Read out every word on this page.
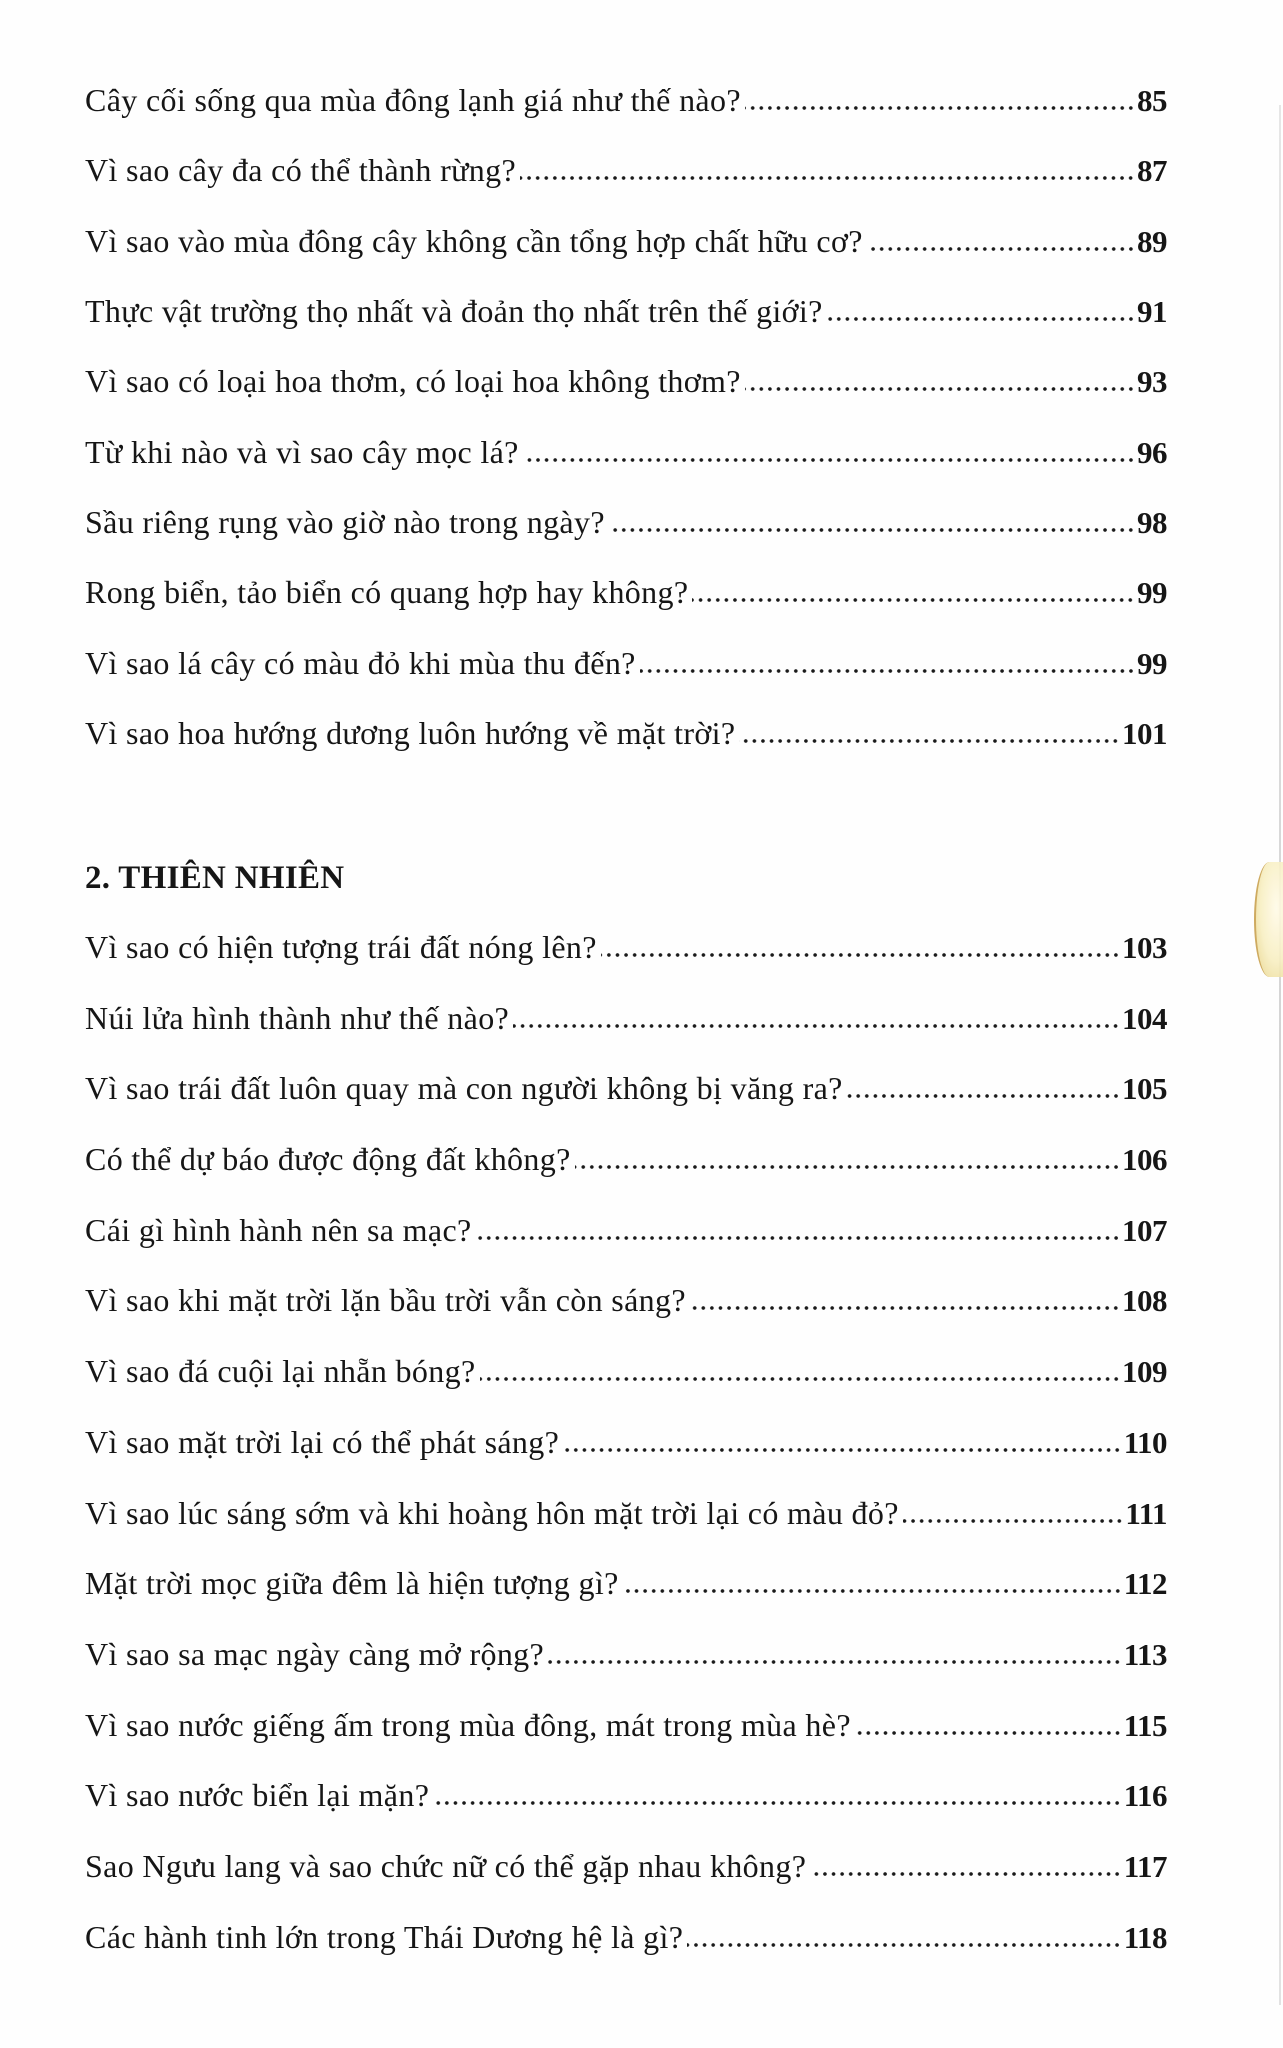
Cây cối sống qua mùa đông lạnh giá như thế nào?	85
Vì sao cây đa có thể thành rừng?	87
Vì sao vào mùa đông cây không cần tổng hợp chất hữu cơ?	89
Thực vật trường thọ nhất và đoản thọ nhất trên thế giới?	91
Vì sao có loại hoa thơm, có loại hoa không thơm?	93
Từ khi nào và vì sao cây mọc lá?	96
Sầu riêng rụng vào giờ nào trong ngày?	98
Rong biển, tảo biển có quang hợp hay không?	99
Vì sao lá cây có màu đỏ khi mùa thu đến?	99
Vì sao hoa hướng dương luôn hướng về mặt trời?	101
2. THIÊN NHIÊN
Vì sao có hiện tượng trái đất nóng lên?	103
Núi lửa hình thành như thế nào?	104
Vì sao trái đất luôn quay mà con người không bị văng ra?	105
Có thể dự báo được động đất không?	106
Cái gì hình hành nên sa mạc?	107
Vì sao khi mặt trời lặn bầu trời vẫn còn sáng?	108
Vì sao đá cuội lại nhẵn bóng?	109
Vì sao mặt trời lại có thể phát sáng?	110
Vì sao lúc sáng sớm và khi hoàng hôn mặt trời lại có màu đỏ?	111
Mặt trời mọc giữa đêm là hiện tượng gì?	112
Vì sao sa mạc ngày càng mở rộng?	113
Vì sao nước giếng ấm trong mùa đông, mát trong mùa hè?	115
Vì sao nước biển lại mặn?	116
Sao Ngưu lang và sao chức nữ có thể gặp nhau không?	117
Các hành tinh lớn trong Thái Dương hệ là gì?	118
